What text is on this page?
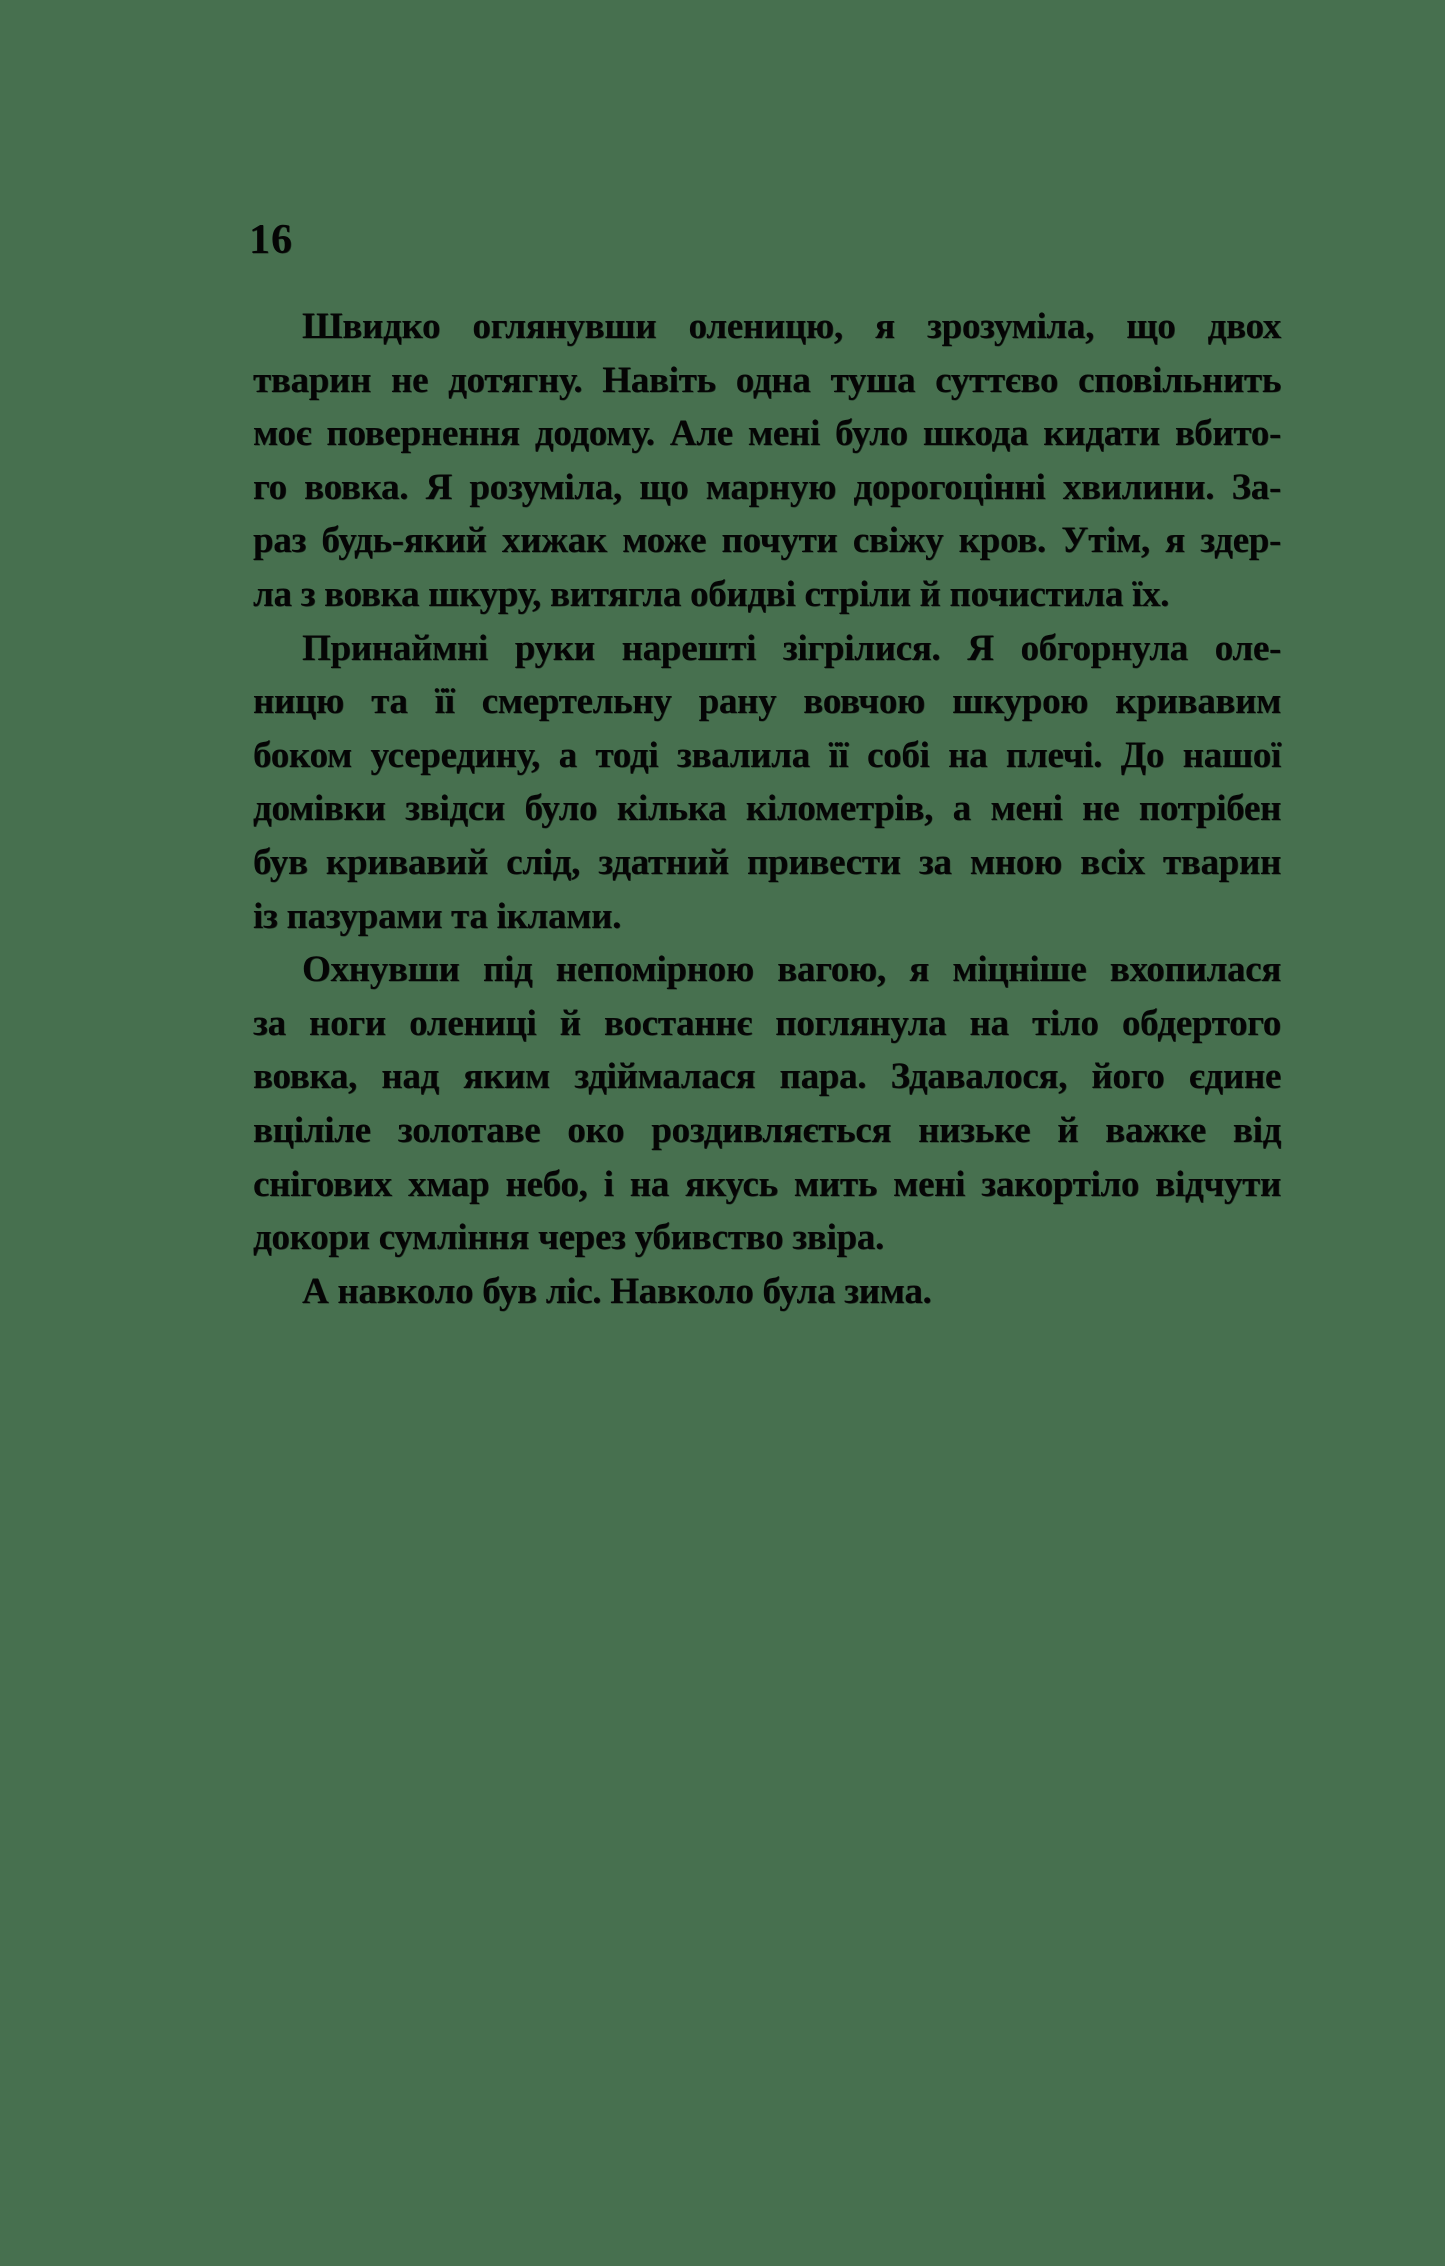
16

Швидко оглянувши оленицю, я зрозуміла, що двох
тварин не дотягну. Навіть одна туша суттєво сповільнить
моє повернення додому. Але мені було шкода кидати вбито-
го вовка. Я розуміла, що марную дорогоцінні хвилини. За-
раз будь-який хижак може почути свіжу кров. Утім, я здер-
ла з вовка шкуру, витягла обидві стріли й почистила їх.

Принаймні руки нарешті зігрілися. Я обгорнула оле-
ницю та її смертельну рану вовчою шкурою кривавим
боком усередину, а тоді звалила її собі на плечі. До нашої
домівки звідси було кілька кілометрів, а мені не потрібен
був кривавий слід, здатний привести за мною всіх тварин
із пазурами та іклами.

Охнувши під непомірною вагою, я міцніше вхопилася
за ноги олениці й востаннє поглянула на тіло обдертого
вовка, над яким здіймалася пара. Здавалося, його єдине
вціліле золотаве око роздивляється низьке й важке від
снігових хмар небо, і на якусь мить мені закортіло відчути
докори сумління через убивство звіра.

А навколо був ліс. Навколо була зима.
